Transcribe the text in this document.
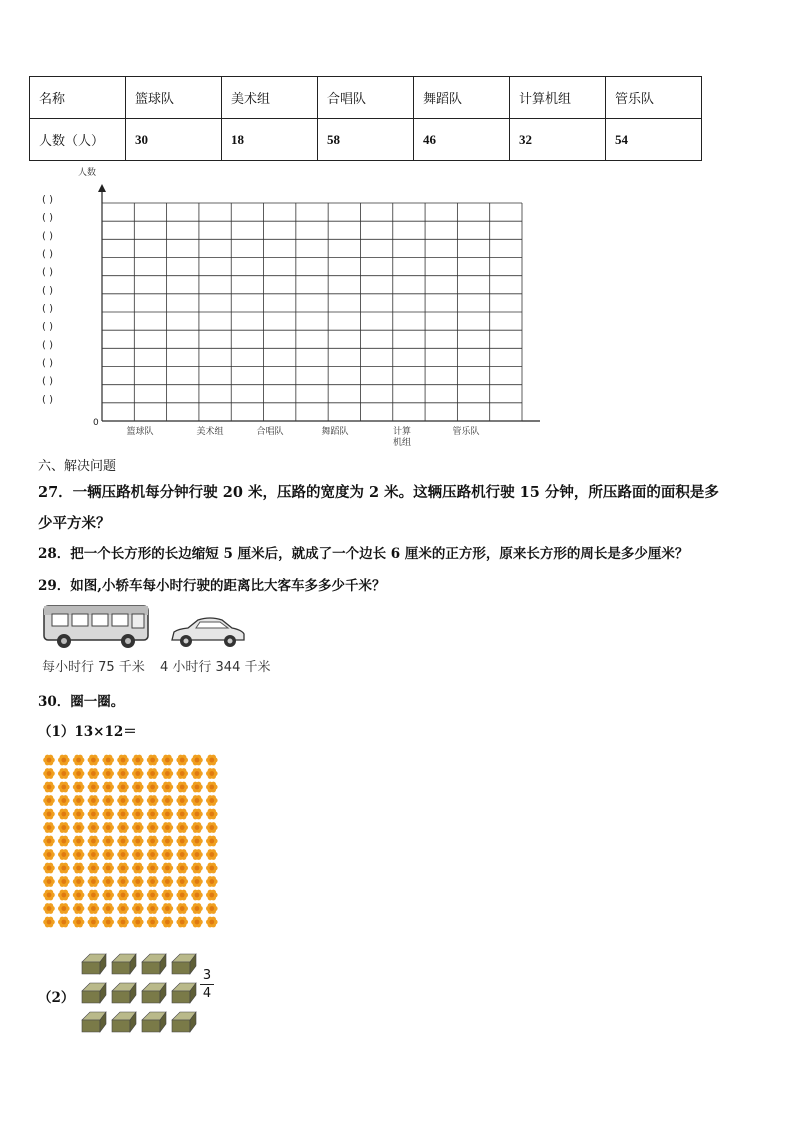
名称	篮球队	美术组	合唱队	舞蹈队	计算机组	管乐队
人数（人）	30	18	58	46	32	54
人数
0
( )
( )
( )
( )
( )
( )
( )
( )
( )
( )
( )
( )
篮球队	美术组	合唱队	舞蹈队	计算
机组
管乐队

六、解决问题

27．一辆压路机每分钟行驶 20 米，压路的宽度为 2 米。这辆压路机行驶 15 分钟，所压路面的面积是多

少平方米？

28．把一个长方形的长边缩短 5 厘米后，就成了一个边长 6 厘米的正方形，原来长方形的周长是多少厘米？

29．如图,小轿车每小时行驶的距离比大客车多多少千米？

每小时行 75 千米 4 小时行 344 千米

30．圈一圈。

（1）13×12＝

（2）

3
4
